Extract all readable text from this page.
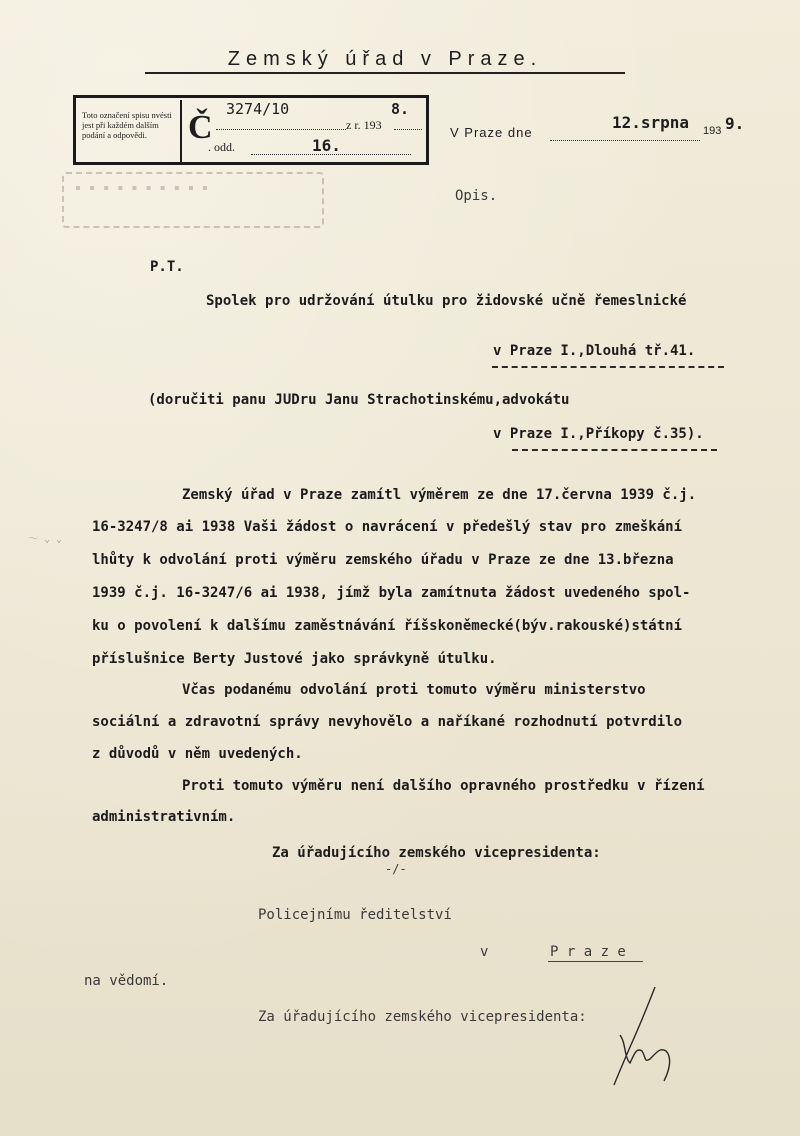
Zemský úřad v Praze.
Toto označení spisu nvésti jest při každém dalším podání a odpovědi.	Č 3274/10	8.
z r. 193
. odd.	16.
V Praze dne
12.srpna 193 9.
▪ ▪ ▪ ▪ ▪ ▪ ▪ ▪ ▪ ▪	Opis.
P.T.
Spolek pro udržování útulku pro židovské učně řemeslnické
v Praze I.,Dlouhá tř.41.
(doručiti panu JUDru Janu Strachotinskému,advokátu
v Praze I.,Příkopy č.35).
Zemský úřad v Praze zamítl výměrem ze dne 17.června 1939 č.j.
16-3247/8 ai 1938 Vaši žádost o navrácení v předešlý stav pro zmeškání
lhůty k odvolání proti výměru zemského úřadu v Praze ze dne 13.března
1939 č.j. 16-3247/6 ai 1938, jímž byla zamítnuta žádost uvedeného spol-
ku o povolení k dalšímu zaměstnávání říšskoněmecké(býv.rakouské)státní
příslušnice Berty Justové jako správkyně útulku.
Včas podanému odvolání proti tomuto výměru ministerstvo
sociální a zdravotní správy nevyhovělo a naříkané rozhodnutí potvrdilo
z důvodů v něm uvedených.
Proti tomuto výměru není dalšího opravného prostředku v řízení
administrativním.
Za úřadujícího zemského vicepresidenta:
-/-
Policejnímu ředitelství
v	P r a z e
na vědomí.
Za úřadujícího zemského vicepresidenta:
～ ⌄ ⌄
